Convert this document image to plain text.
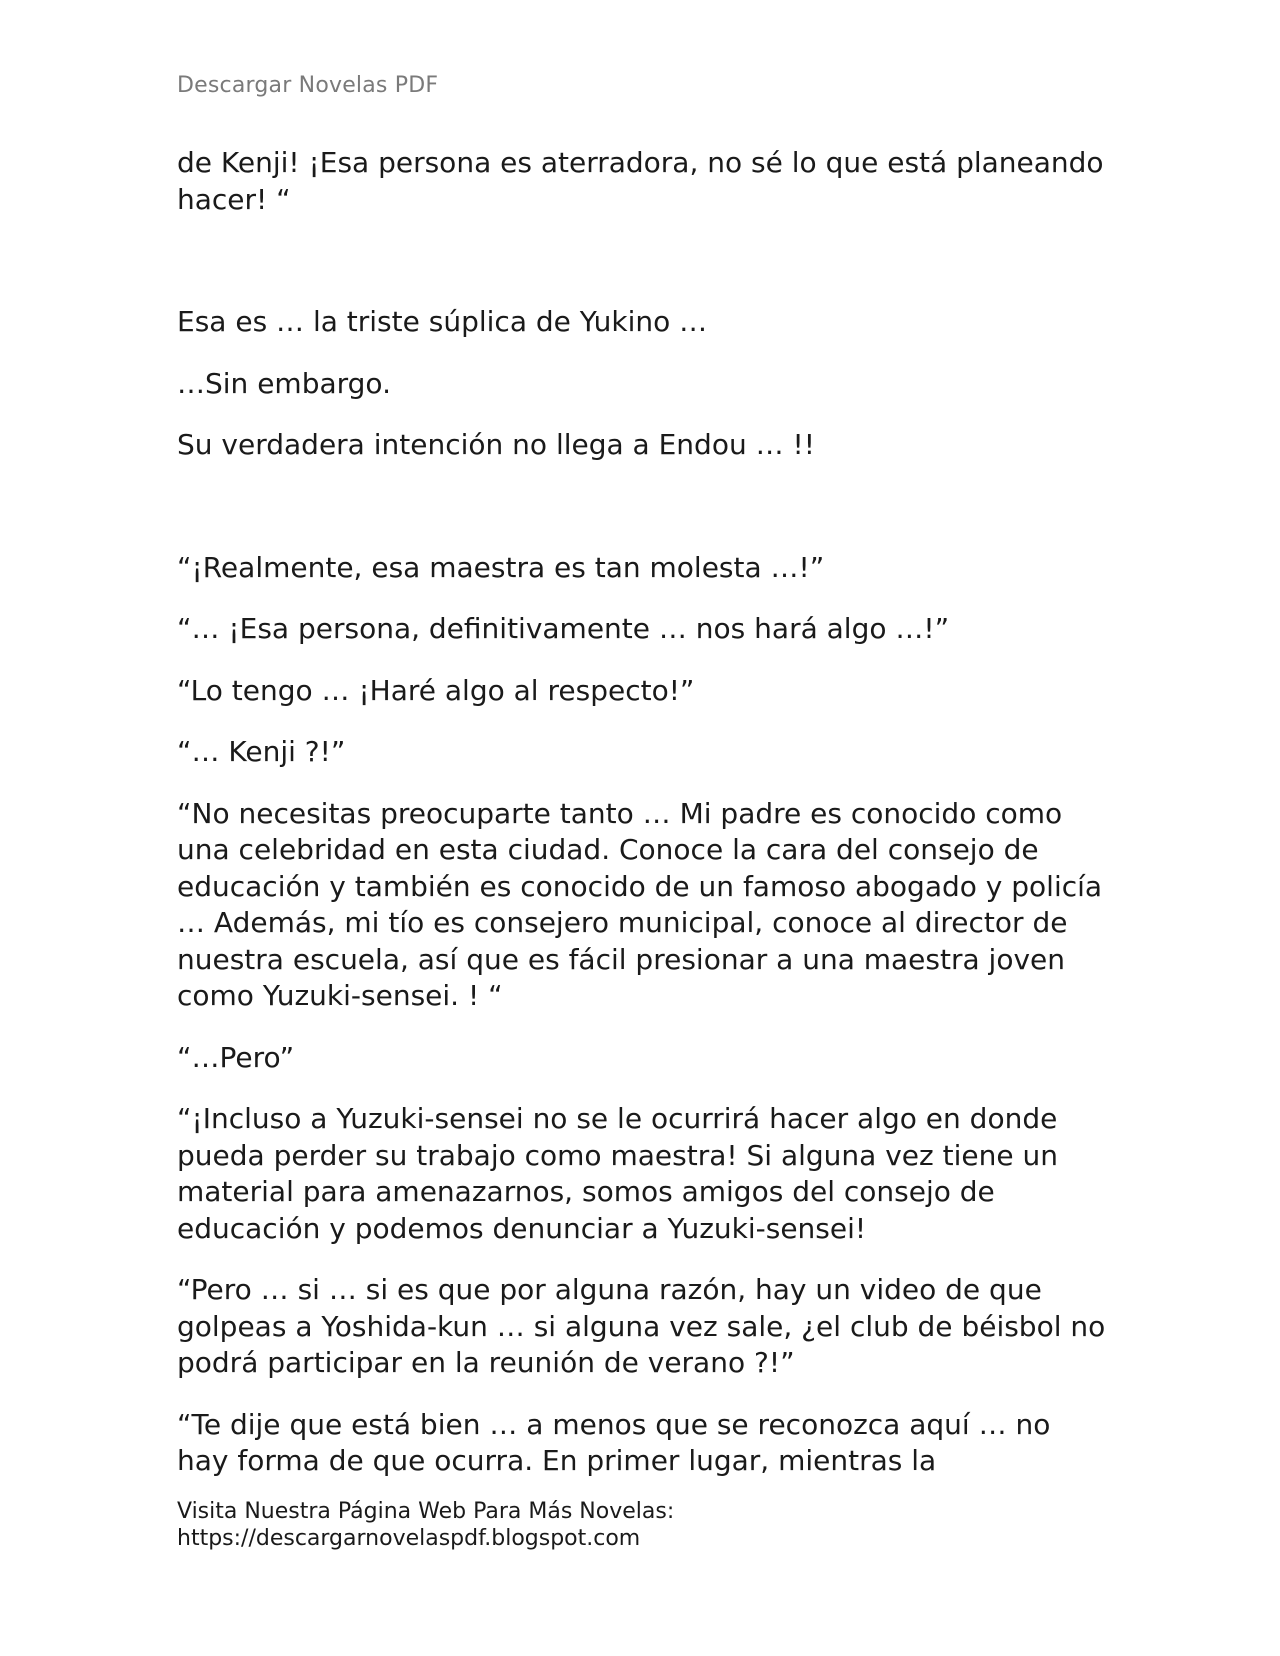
Descargar Novelas PDF

de Kenji! ¡Esa persona es aterradora, no sé lo que está planeando hacer! “

Esa es … la triste súplica de Yukino …

…Sin embargo.

Su verdadera intención no llega a Endou … !!

“¡Realmente, esa maestra es tan molesta …!”

“… ¡Esa persona, definitivamente … nos hará algo …!”

“Lo tengo … ¡Haré algo al respecto!”

“… Kenji ?!”

“No necesitas preocuparte tanto … Mi padre es conocido como una celebridad en esta ciudad. Conoce la cara del consejo de educación y también es conocido de un famoso abogado y policía … Además, mi tío es consejero municipal, conoce al director de nuestra escuela, así que es fácil presionar a una maestra joven como Yuzuki-sensei. ! “

“…Pero”

“¡Incluso a Yuzuki-sensei no se le ocurrirá hacer algo en donde pueda perder su trabajo como maestra! Si alguna vez tiene un material para amenazarnos, somos amigos del consejo de educación y podemos denunciar a Yuzuki-sensei!

“Pero … si … si es que por alguna razón, hay un video de que golpeas a Yoshida-kun … si alguna vez sale, ¿el club de béisbol no podrá participar en la reunión de verano ?!”

“Te dije que está bien … a menos que se reconozca aquí … no hay forma de que ocurra. En primer lugar, mientras la

Visita Nuestra Página Web Para Más Novelas:
https://descargarnovelaspdf.blogspot.com
